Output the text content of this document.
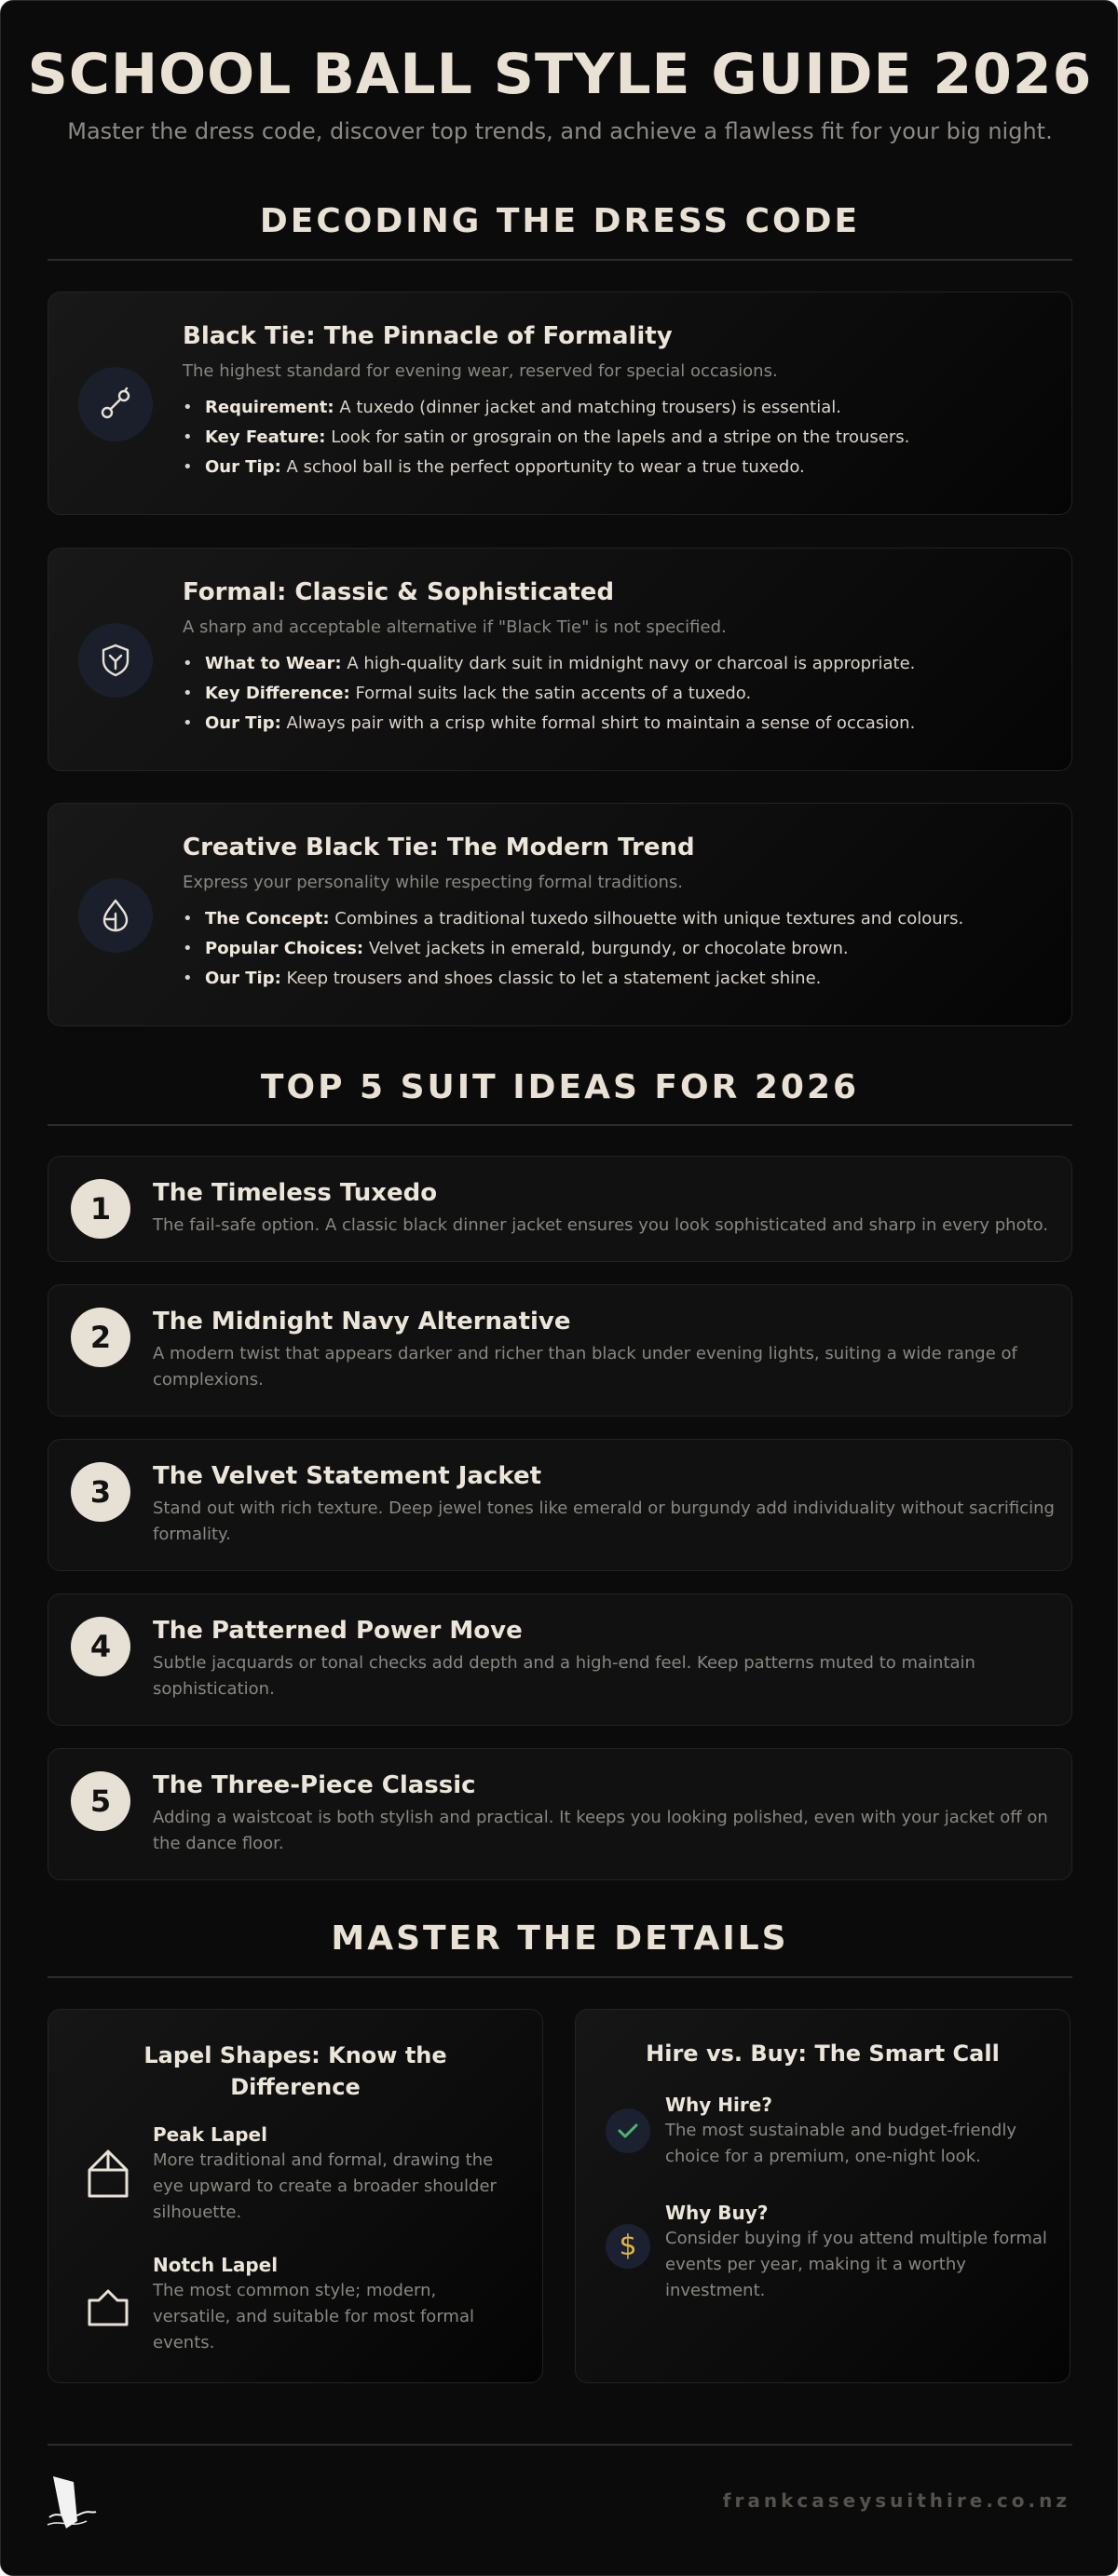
SCHOOL BALL STYLE GUIDE 2026
Master the dress code, discover top trends, and achieve a flawless fit for your big night.
DECODING THE DRESS CODE
Black Tie: The Pinnacle of Formality
The highest standard for evening wear, reserved for special occasions.
• Requirement: A tuxedo (dinner jacket and matching trousers) is essential.
• Key Feature: Look for satin or grosgrain on the lapels and a stripe on the trousers.
• Our Tip: A school ball is the perfect opportunity to wear a true tuxedo.
Formal: Classic & Sophisticated
A sharp and acceptable alternative if "Black Tie" is not specified.
• What to Wear: A high-quality dark suit in midnight navy or charcoal is appropriate.
• Key Difference: Formal suits lack the satin accents of a tuxedo.
• Our Tip: Always pair with a crisp white formal shirt to maintain a sense of occasion.
Creative Black Tie: The Modern Trend
Express your personality while respecting formal traditions.
• The Concept: Combines a traditional tuxedo silhouette with unique textures and colours.
• Popular Choices: Velvet jackets in emerald, burgundy, or chocolate brown.
• Our Tip: Keep trousers and shoes classic to let a statement jacket shine.
TOP 5 SUIT IDEAS FOR 2026
1	The Timeless Tuxedo
The fail-safe option. A classic black dinner jacket ensures you look sophisticated and sharp in every photo.
2	The Midnight Navy Alternative
A modern twist that appears darker and richer than black under evening lights, suiting a wide range of complexions.
3	The Velvet Statement Jacket
Stand out with rich texture. Deep jewel tones like emerald or burgundy add individuality without sacrificing formality.
4	The Patterned Power Move
Subtle jacquards or tonal checks add depth and a high-end feel. Keep patterns muted to maintain sophistication.
5	The Three-Piece Classic
Adding a waistcoat is both stylish and practical. It keeps you looking polished, even with your jacket off on the dance floor.
MASTER THE DETAILS
Lapel Shapes: Know the Difference
Peak Lapel
More traditional and formal, drawing the eye upward to create a broader shoulder silhouette.
Notch Lapel
The most common style; modern, versatile, and suitable for most formal events.
Hire vs. Buy: The Smart Call
Why Hire?
The most sustainable and budget-friendly choice for a premium, one-night look.
$
Why Buy?
Consider buying if you attend multiple formal events per year, making it a worthy investment.
frankcaseysuithire.co.nz
